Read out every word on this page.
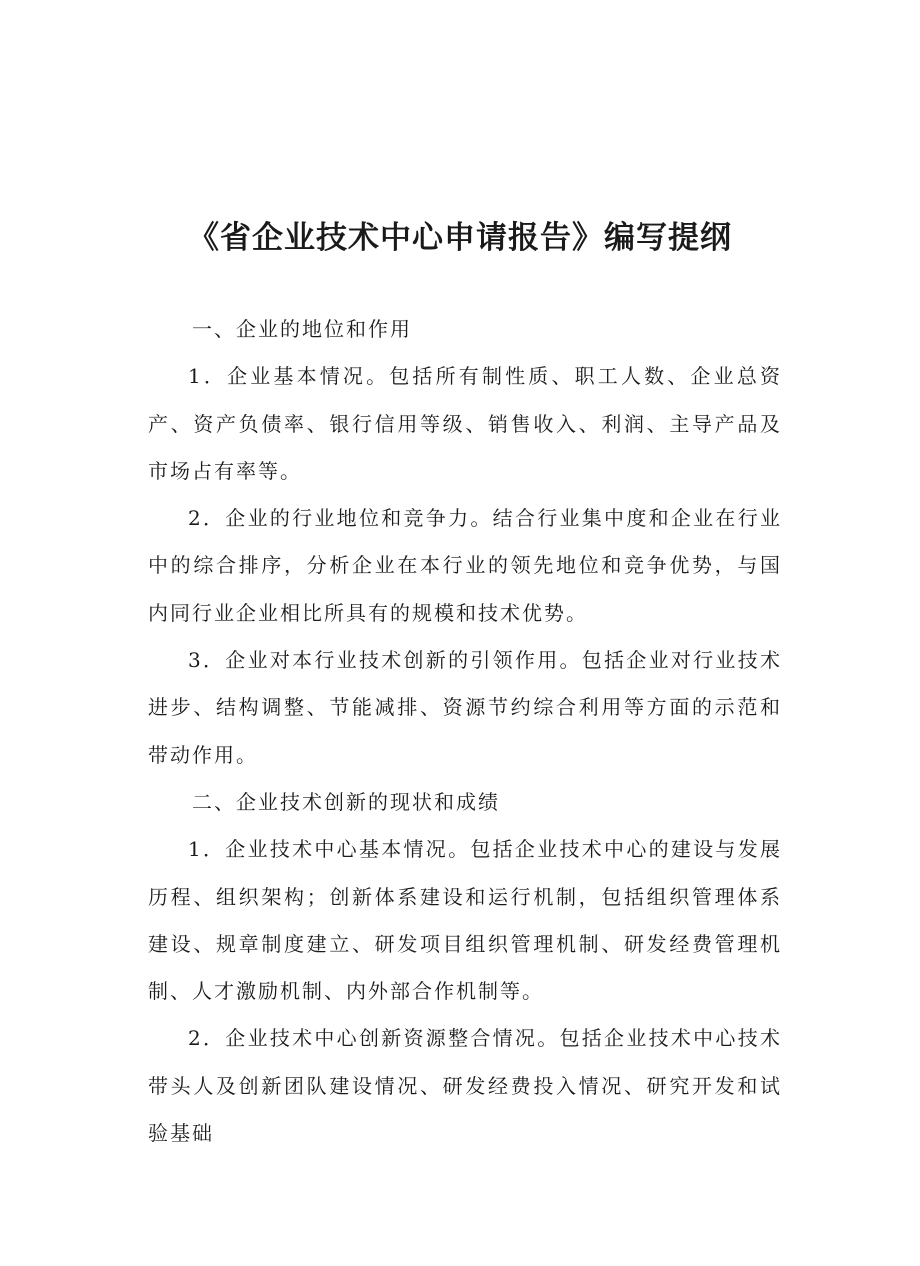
《省企业技术中心申请报告》编写提纲

一、企业的地位和作用

1．企业基本情况。包括所有制性质、职工人数、企业总资产、资产负债率、银行信用等级、销售收入、利润、主导产品及市场占有率等。

2．企业的行业地位和竞争力。结合行业集中度和企业在行业中的综合排序，分析企业在本行业的领先地位和竞争优势，与国内同行业企业相比所具有的规模和技术优势。

3．企业对本行业技术创新的引领作用。包括企业对行业技术进步、结构调整、节能减排、资源节约综合利用等方面的示范和带动作用。

二、企业技术创新的现状和成绩

1．企业技术中心基本情况。包括企业技术中心的建设与发展历程、组织架构；创新体系建设和运行机制，包括组织管理体系建设、规章制度建立、研发项目组织管理机制、研发经费管理机制、人才激励机制、内外部合作机制等。

2．企业技术中心创新资源整合情况。包括企业技术中心技术带头人及创新团队建设情况、研发经费投入情况、研究开发和试验基础
